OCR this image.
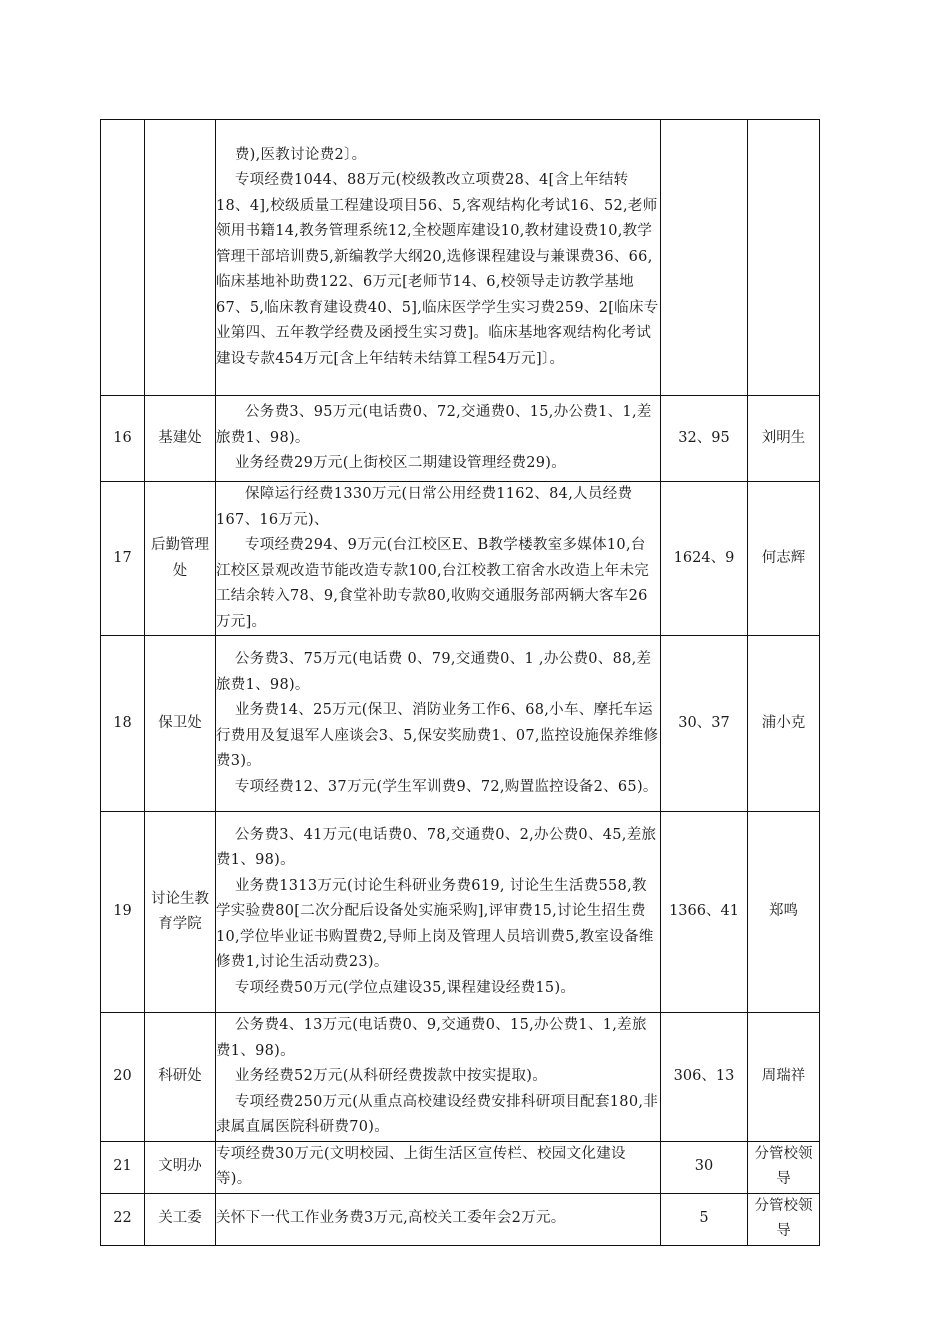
		费),医教讨论费2〕。

专项经费1044、88万元(校级教改立项费28、4[含上年结转18、4],校级质量工程建设项目56、5,客观结构化考试16、52,老师领用书籍14,教务管理系统12,全校题库建设10,教材建设费10,教学管理干部培训费5,新编教学大纲20,选修课程建设与兼课费36、66,临床基地补助费122、6万元[老师节14、6,校领导走访教学基地67、5,临床教育建设费40、5],临床医学学生实习费259、2[临床专业第四、五年教学经费及函授生实习费]。临床基地客观结构化考试建设专款454万元[含上年结转未结算工程54万元]〕。		

16	基建处	公务费3、95万元(电话费0、72,交通费0、15,办公费1、1,差旅费1、98)。

业务经费29万元(上街校区二期建设管理经费29)。	32、95	刘明生
17	后勤管理处	保障运行经费1330万元(日常公用经费1162、84,人员经费167、16万元)、

专项经费294、9万元(台江校区E、B教学楼教室多媒体10,台江校区景观改造节能改造专款100,台江校教工宿舍水改造上年未完工结余转入78、9,食堂补助专款80,收购交通服务部两辆大客车26万元]。	1624、9	何志辉
18	保卫处	公务费3、75万元(电话费 0、79,交通费0、1 ,办公费0、88,差旅费1、98)。

业务费14、25万元(保卫、消防业务工作6、68,小车、摩托车运行费用及复退军人座谈会3、5,保安奖励费1、07,监控设施保养维修费3)。

专项经费12、37万元(学生军训费9、72,购置监控设备2、65)。	30、37	浦小克
19	讨论生教育学院	公务费3、41万元(电话费0、78,交通费0、2,办公费0、45,差旅费1、98)。

业务费1313万元(讨论生科研业务费619, 讨论生生活费558,教学实验费80[二次分配后设备处实施采购],评审费15,讨论生招生费10,学位毕业证书购置费2,导师上岗及管理人员培训费5,教室设备维修费1,讨论生活动费23)。

专项经费50万元(学位点建设35,课程建设经费15)。	1366、41	郑鸣
20	科研处	公务费4、13万元(电话费0、9,交通费0、15,办公费1、1,差旅费1、98)。

业务经费52万元(从科研经费拨款中按实提取)。

专项经费250万元(从重点高校建设经费安排科研项目配套180,非隶属直属医院科研费70)。	306、13	周瑞祥
21	文明办	专项经费30万元(文明校园、上街生活区宣传栏、校园文化建设等)。	30	分管校领导
22	关工委	关怀下一代工作业务费3万元,高校关工委年会2万元。	5	分管校领导
